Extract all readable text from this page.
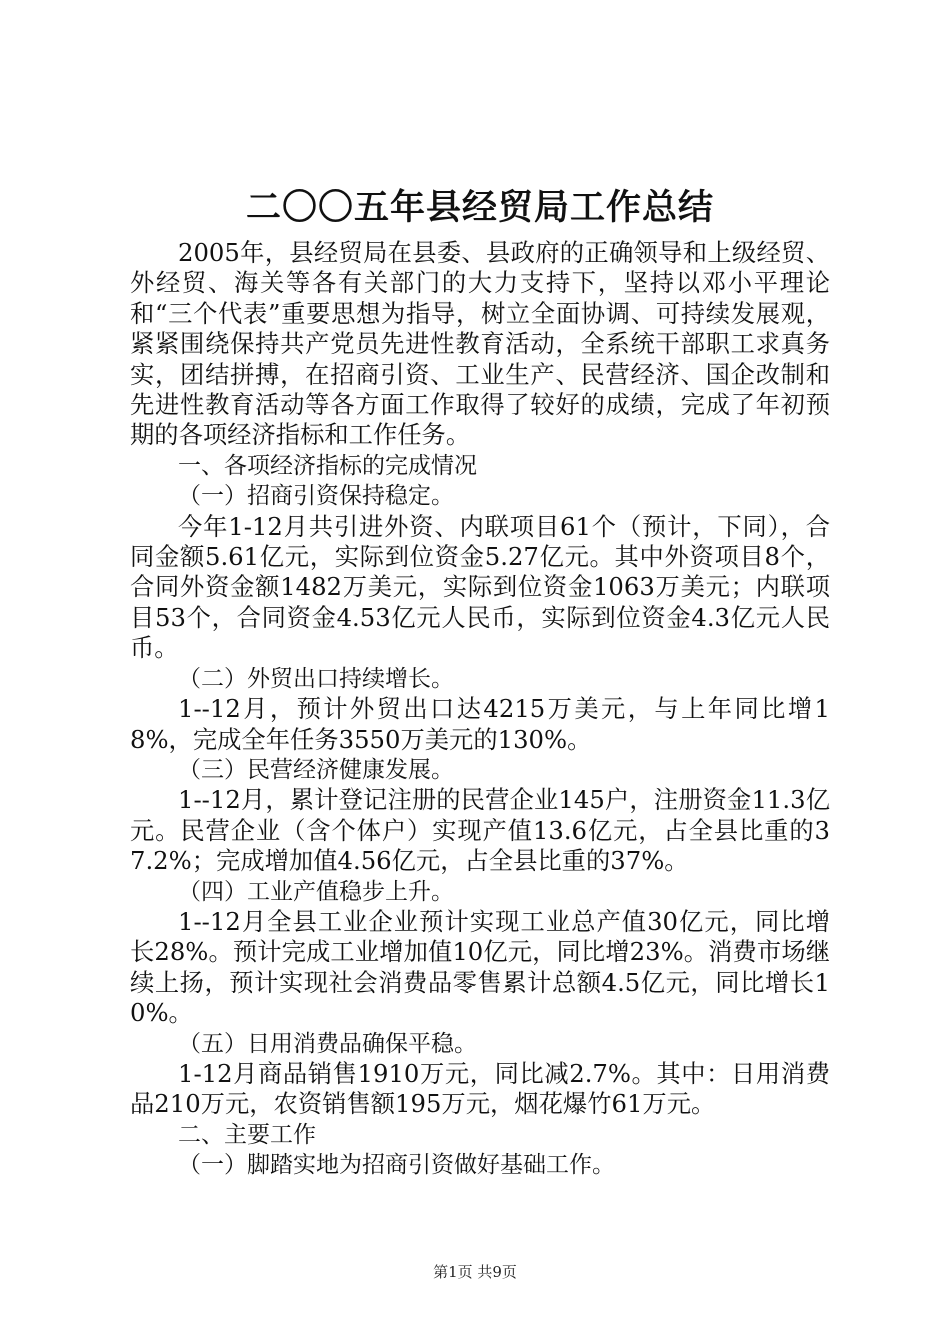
二〇〇五年县经贸局工作总结

2005年，县经贸局在县委、县政府的正确领导和上级经贸、外经贸、海关等各有关部门的大力支持下，坚持以邓小平理论和“三个代表”重要思想为指导，树立全面协调、可持续发展观，紧紧围绕保持共产党员先进性教育活动，全系统干部职工求真务实，团结拼搏，在招商引资、工业生产、民营经济、国企改制和先进性教育活动等各方面工作取得了较好的成绩，完成了年初预期的各项经济指标和工作任务。

一、各项经济指标的完成情况
（一）招商引资保持稳定。

今年1-12月共引进外资、内联项目61个（预计，下同），合同金额5.61亿元，实际到位资金5.27亿元。其中外资项目8个，合同外资金额1482万美元，实际到位资金1063万美元；内联项目53个，合同资金4.53亿元人民币，实际到位资金4.3亿元人民币。

（二）外贸出口持续增长。

1--12月，预计外贸出口达4215万美元，与上年同比增18%，完成全年任务3550万美元的130%。

（三）民营经济健康发展。

1--12月，累计登记注册的民营企业145户，注册资金11.3亿元。民营企业（含个体户）实现产值13.6亿元，占全县比重的37.2%；完成增加值4.56亿元，占全县比重的37%。

（四）工业产值稳步上升。

1--12月全县工业企业预计实现工业总产值30亿元，同比增长28%。预计完成工业增加值10亿元，同比增23%。消费市场继续上扬，预计实现社会消费品零售累计总额4.5亿元，同比增长10%。

（五）日用消费品确保平稳。

1-12月商品销售1910万元，同比减2.7%。其中：日用消费品210万元，农资销售额195万元，烟花爆竹61万元。

二、主要工作
（一）脚踏实地为招商引资做好基础工作。
第1页 共9页
